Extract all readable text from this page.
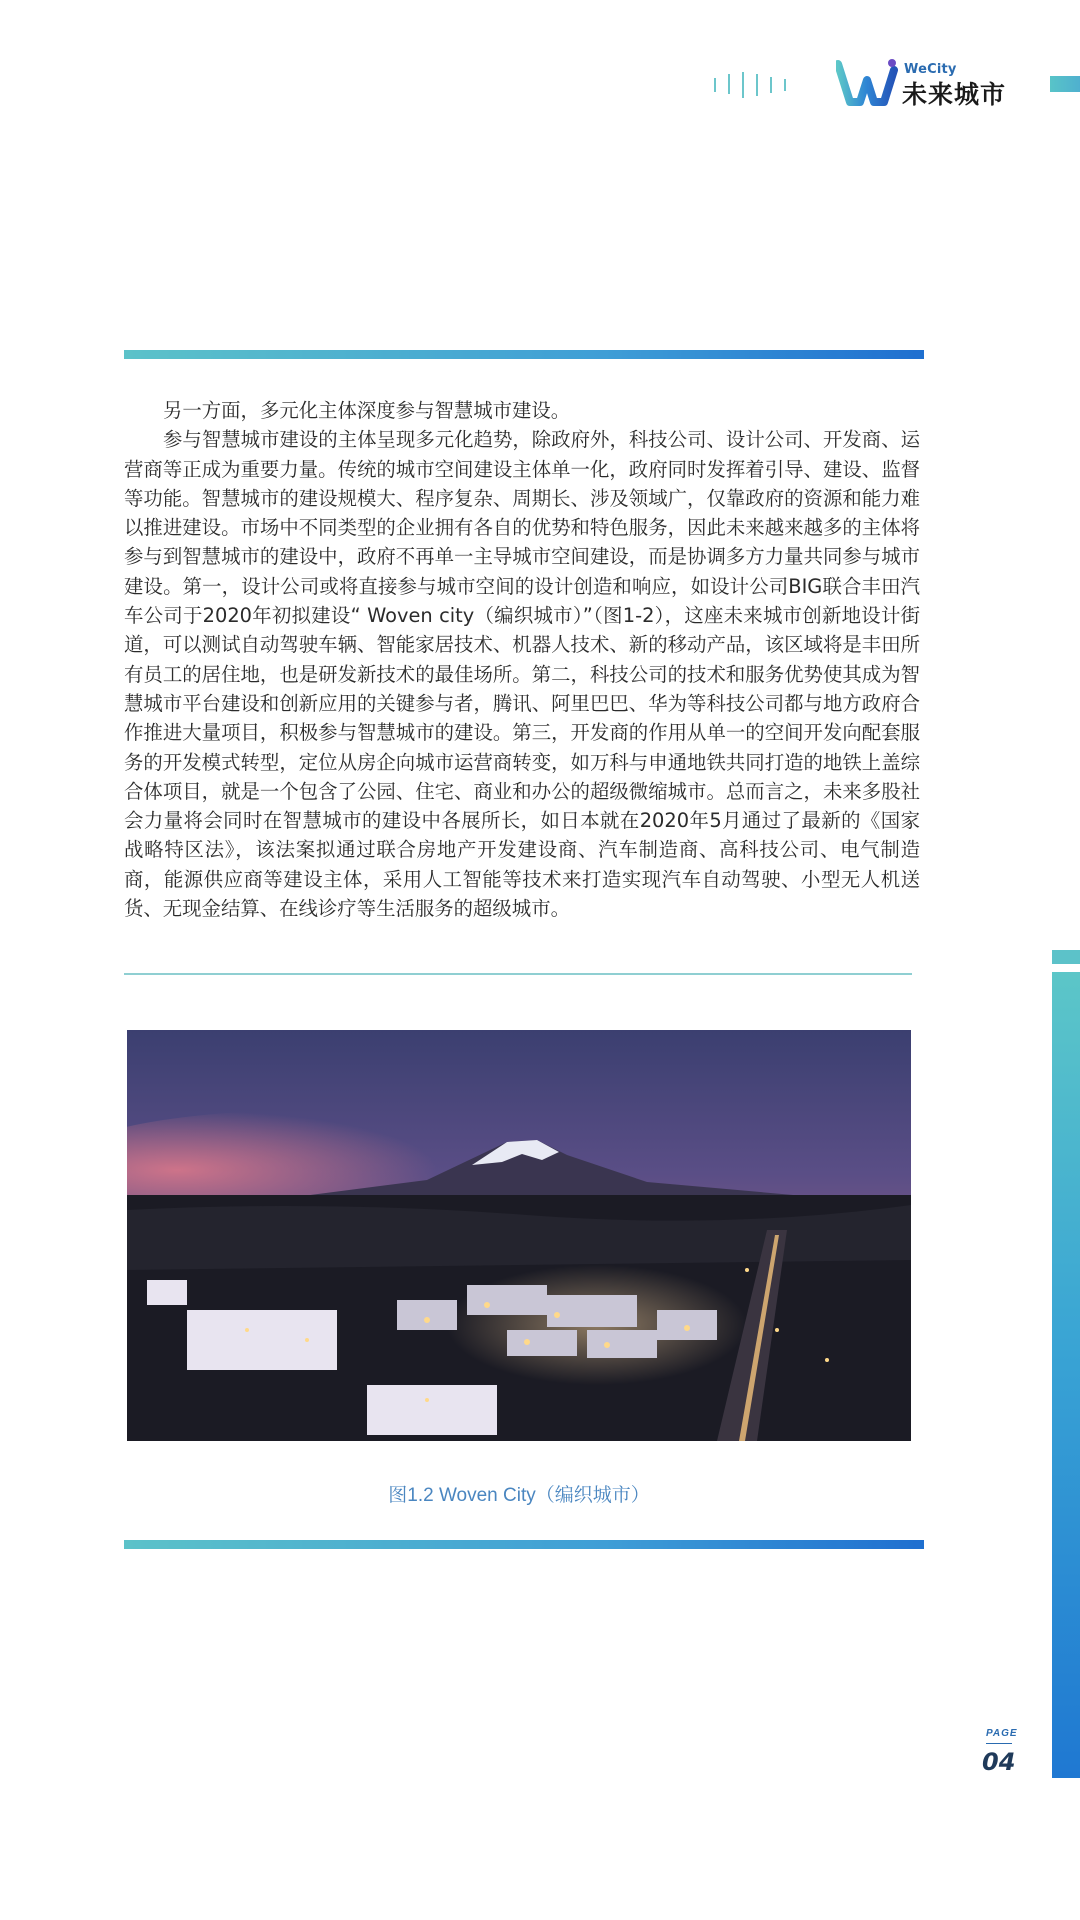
WeCity
未来城市

另一方面，多元化主体深度参与智慧城市建设。

参与智慧城市建设的主体呈现多元化趋势，除政府外，科技公司、设计公司、开发商、运营商等正成为重要力量。传统的城市空间建设主体单一化，政府同时发挥着引导、建设、监督等功能。智慧城市的建设规模大、程序复杂、周期长、涉及领域广，仅靠政府的资源和能力难以推进建设。市场中不同类型的企业拥有各自的优势和特色服务，因此未来越来越多的主体将参与到智慧城市的建设中，政府不再单一主导城市空间建设，而是协调多方力量共同参与城市建设。第一，设计公司或将直接参与城市空间的设计创造和响应，如设计公司BIG联合丰田汽车公司于2020年初拟建设“ Woven city（编织城市）”（图1-2），这座未来城市创新地设计街道，可以测试自动驾驶车辆、智能家居技术、机器人技术、新的移动产品，该区域将是丰田所有员工的居住地，也是研发新技术的最佳场所。第二，科技公司的技术和服务优势使其成为智慧城市平台建设和创新应用的关键参与者，腾讯、阿里巴巴、华为等科技公司都与地方政府合作推进大量项目，积极参与智慧城市的建设。第三，开发商的作用从单一的空间开发向配套服务的开发模式转型，定位从房企向城市运营商转变，如万科与申通地铁共同打造的地铁上盖综合体项目，就是一个包含了公园、住宅、商业和办公的超级微缩城市。总而言之，未来多股社会力量将会同时在智慧城市的建设中各展所长，如日本就在2020年5月通过了最新的《国家战略特区法》，该法案拟通过联合房地产开发建设商、汽车制造商、高科技公司、电气制造商，能源供应商等建设主体，采用人工智能等技术来打造实现汽车自动驾驶、小型无人机送货、无现金结算、在线诊疗等生活服务的超级城市。

图1.2 Woven City（编织城市）
PAGE
04
